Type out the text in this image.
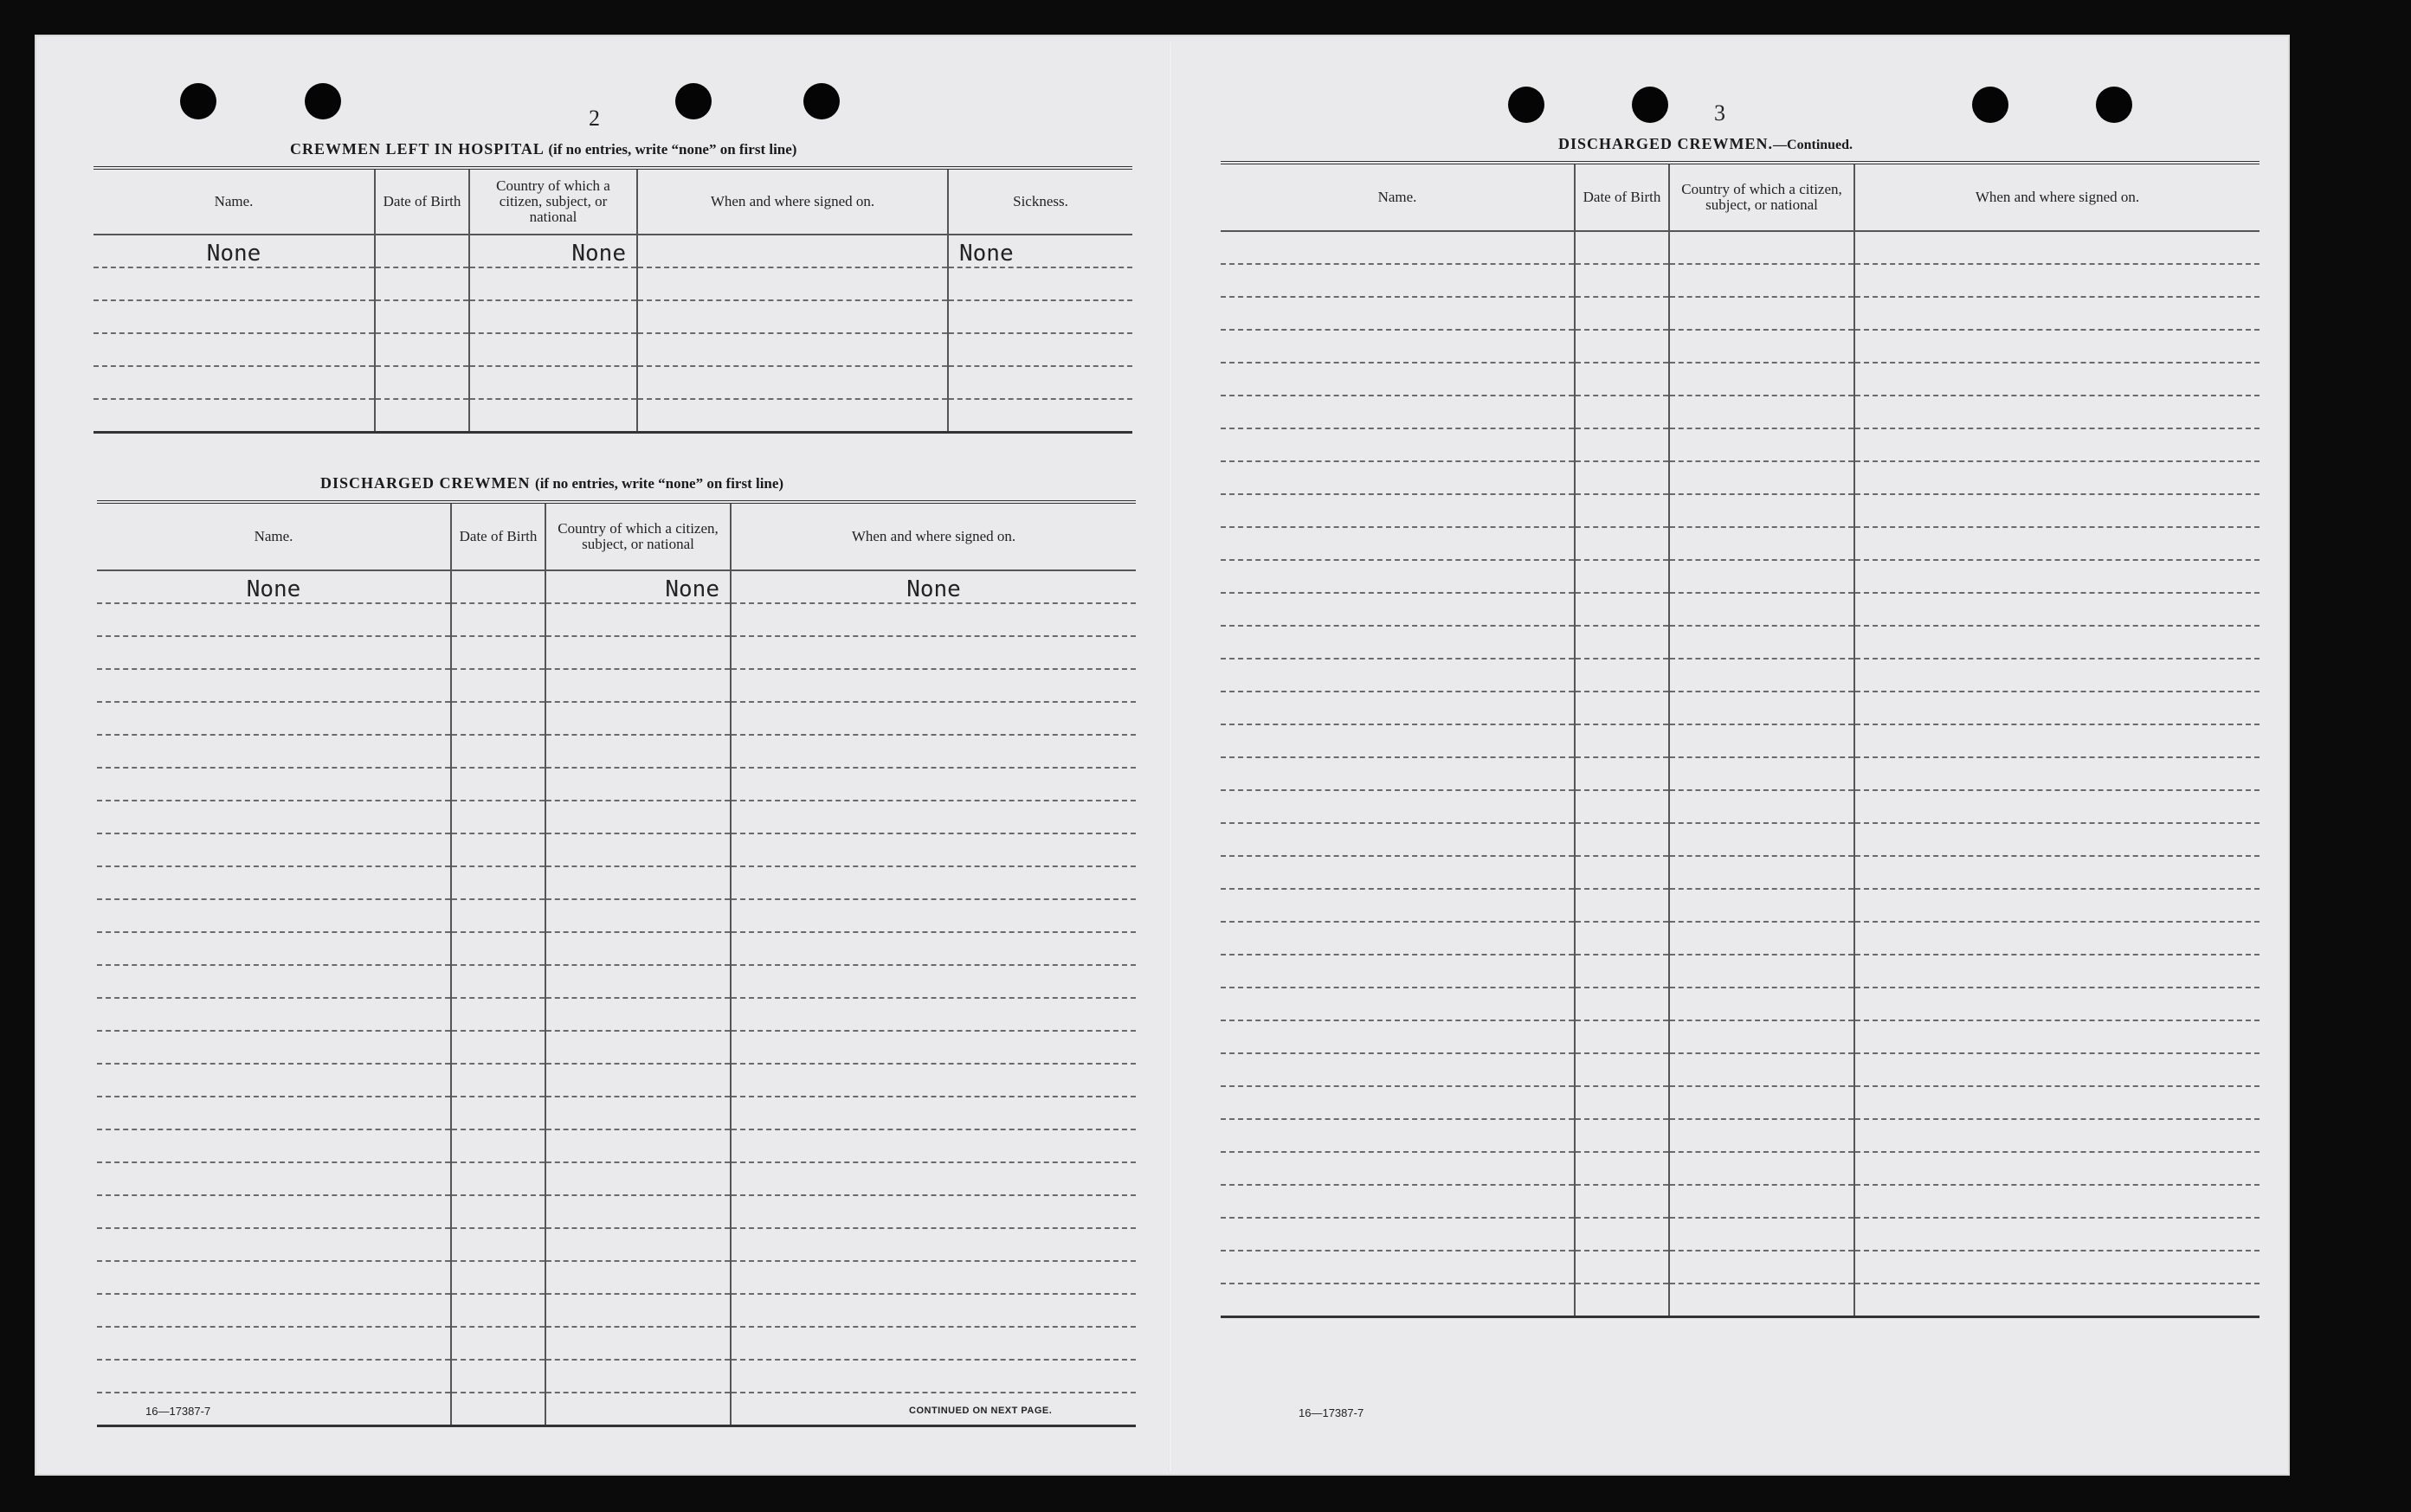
2
CREWMEN LEFT IN HOSPITAL (if no entries, write “none” on first line)
Name.	Date of Birth	Country of which a citizen, subject, or national	When and where signed on.	Sickness.
None		None		None

DISCHARGED CREWMEN (if no entries, write “none” on first line)
Name.	Date of Birth	Country of which a citizen, subject, or national	When and where signed on.
None		None	None

16—17387-7	CONTINUED ON NEXT PAGE.
3
DISCHARGED CREWMEN.—Continued.
Name.	Date of Birth	Country of which a citizen, subject, or national	When and where signed on.

16—17387-7
